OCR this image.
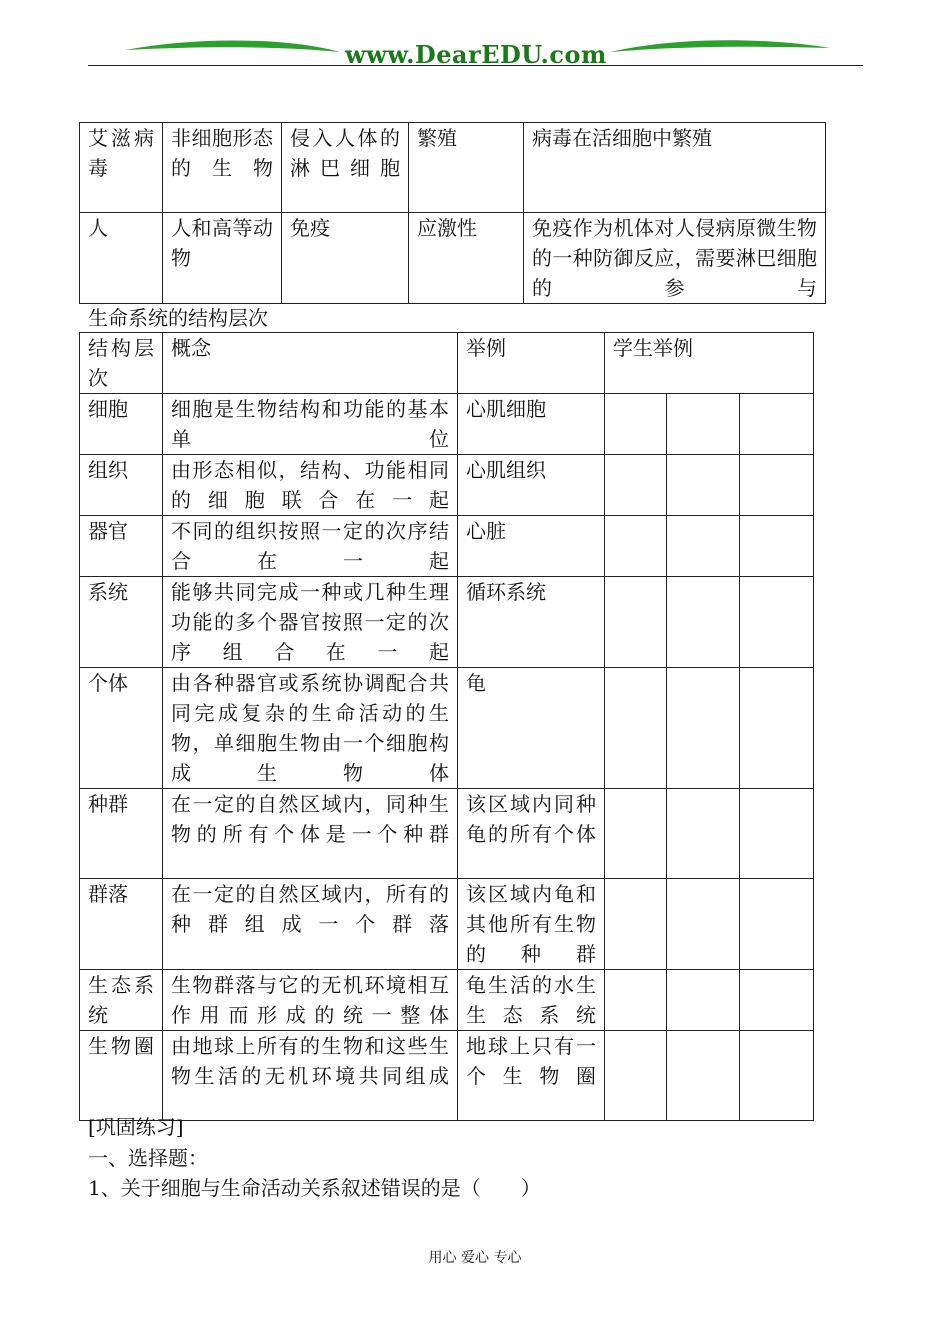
www.DearEDU.com
艾滋病毒	非细胞形态的生物	侵入人体的淋巴细胞	繁殖	病毒在活细胞中繁殖
人	人和高等动物	免疫	应激性	免疫作为机体对人侵病原微生物的一种防御反应，需要淋巴细胞的参与
生命系统的结构层次
结构层次	概念	举例	学生举例		
细胞	细胞是生物结构和功能的基本单位	心肌细胞			
组织	由形态相似，结构、功能相同的细胞联合在一起	心肌组织			
器官	不同的组织按照一定的次序结合在一起	心脏			
系统	能够共同完成一种或几种生理功能的多个器官按照一定的次序组合在一起	循环系统			
个体	由各种器官或系统协调配合共同完成复杂的生命活动的生物，单细胞生物由一个细胞构成生物体	龟			
种群	在一定的自然区域内，同种生物的所有个体是一个种群	该区域内同种龟的所有个体			
群落	在一定的自然区域内，所有的种群组成一个群落	该区域内龟和其他所有生物的种群			
生态系统	生物群落与它的无机环境相互作用而形成的统一整体	龟生活的水生生态系统			
生物圈	由地球上所有的生物和这些生物生活的无机环境共同组成	地球上只有一个生物圈			
[巩固练习]
一、选择题：
1、关于细胞与生命活动关系叙述错误的是（　　）
用心 爱心 专心
